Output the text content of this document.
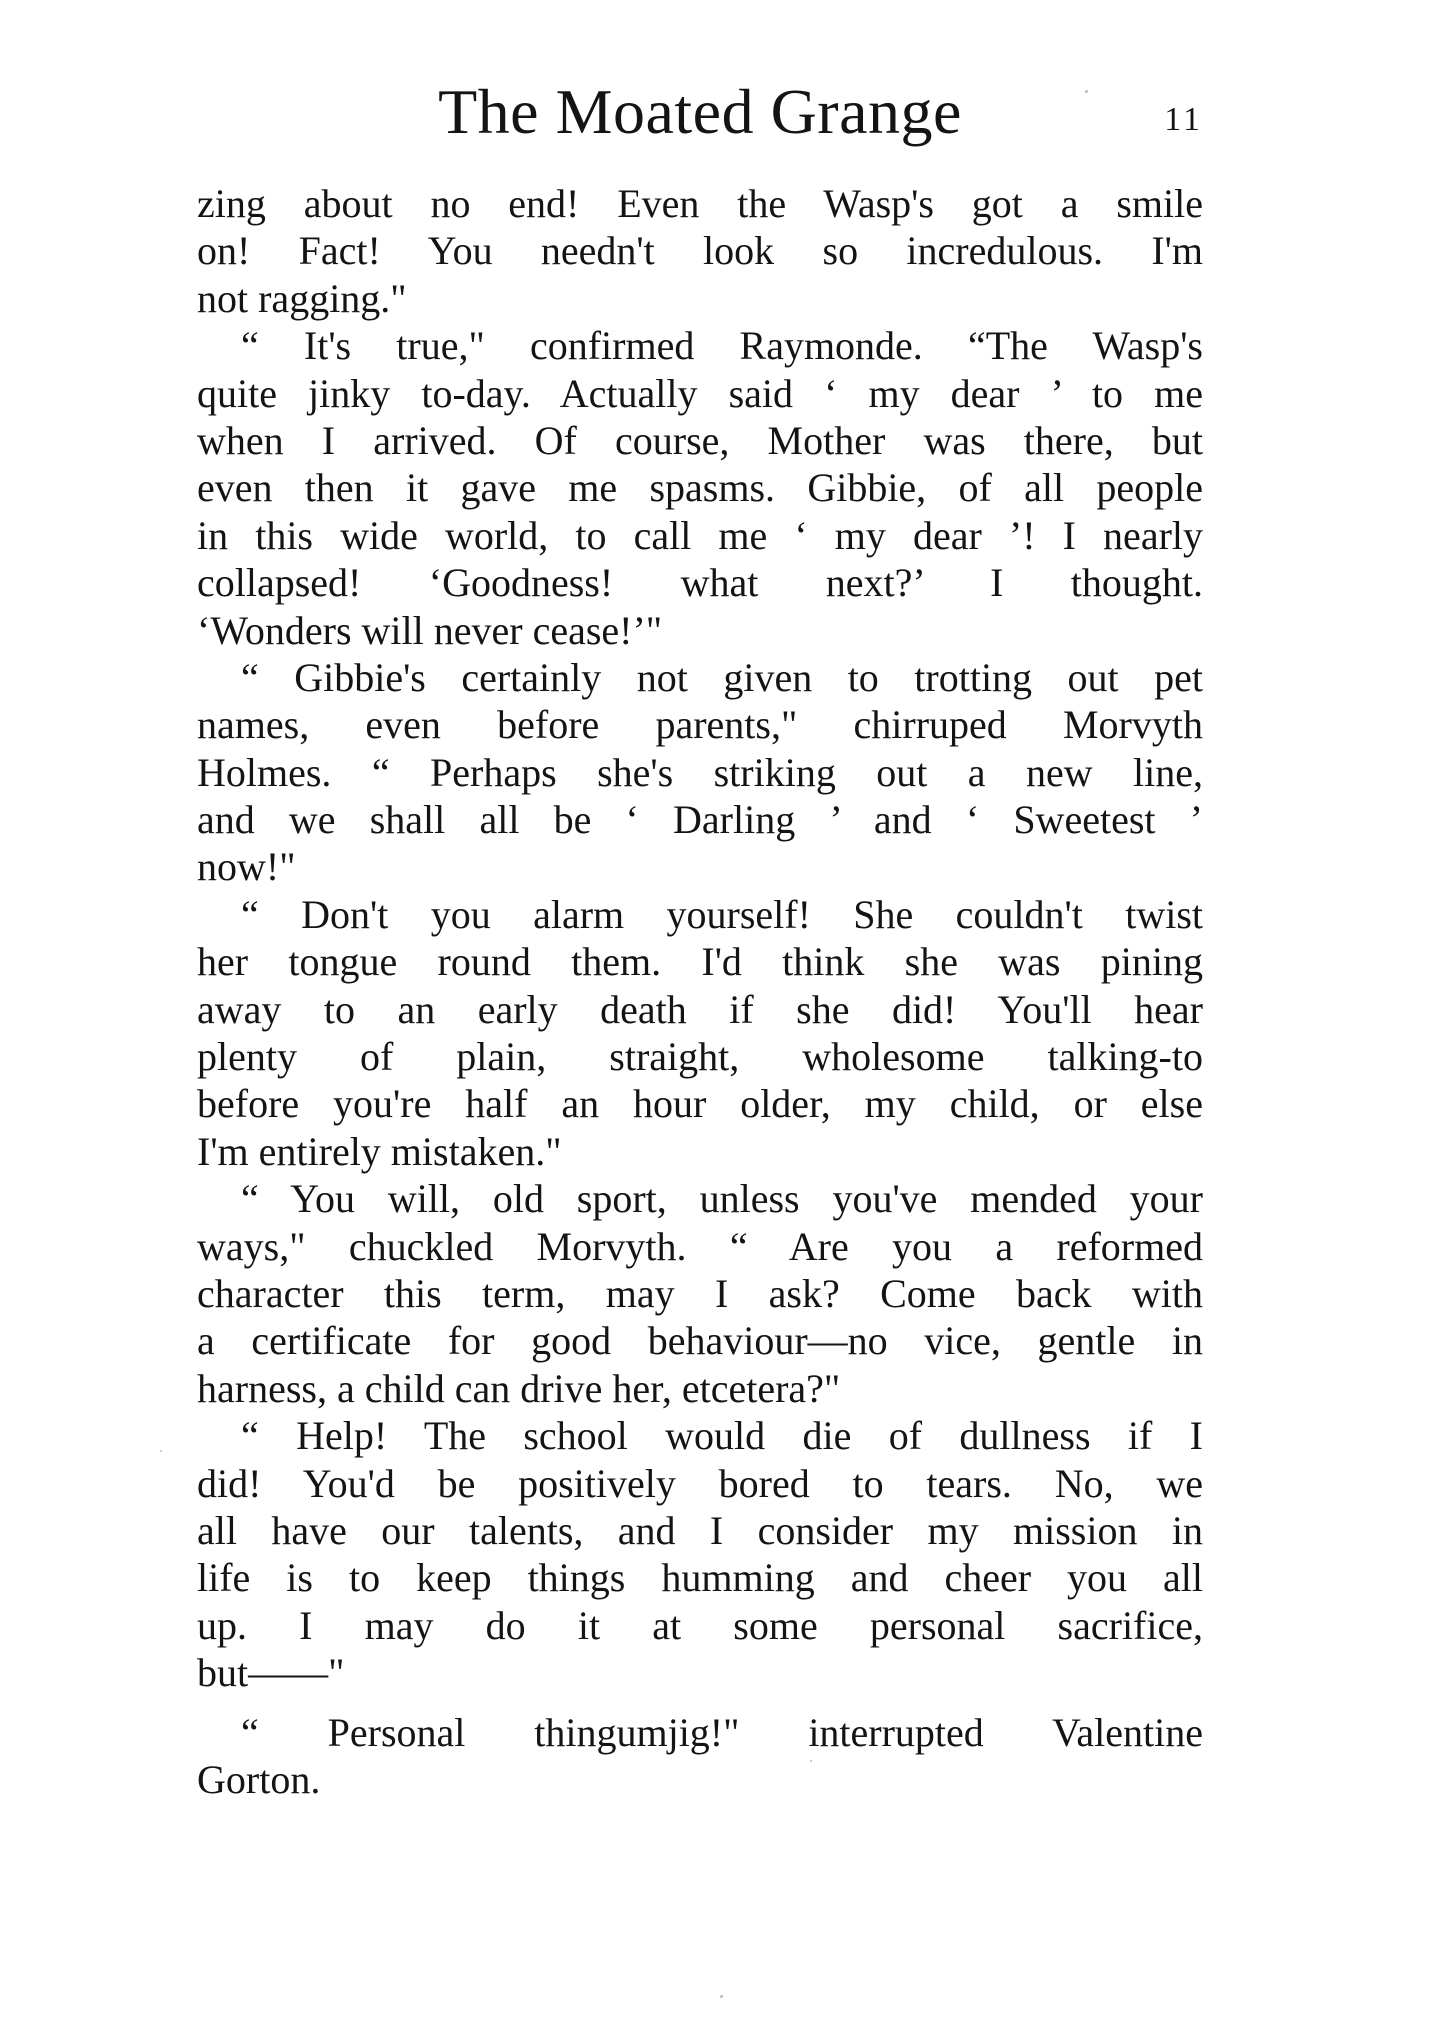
The Moated Grange	11
zing about no end! Even the Wasp's got a smile
on! Fact! You needn't look so incredulous. I'm
not ragging."
“ It's true," confirmed Raymonde. “The Wasp's
quite jinky to-day. Actually said ‘ my dear ’ to me
when I arrived. Of course, Mother was there, but
even then it gave me spasms. Gibbie, of all people
in this wide world, to call me ‘ my dear ’! I nearly
collapsed! ‘Goodness! what next?’ I thought.
‘Wonders will never cease!’"
“ Gibbie's certainly not given to trotting out pet
names, even before parents," chirruped Morvyth
Holmes. “ Perhaps she's striking out a new line,
and we shall all be ‘ Darling ’ and ‘ Sweetest ’
now!"
“ Don't you alarm yourself! She couldn't twist
her tongue round them. I'd think she was pining
away to an early death if she did! You'll hear
plenty of plain, straight, wholesome talking-to
before you're half an hour older, my child, or else
I'm entirely mistaken."
“ You will, old sport, unless you've mended your
ways," chuckled Morvyth. “ Are you a reformed
character this term, may I ask? Come back with
a certificate for good behaviour—no vice, gentle in
harness, a child can drive her, etcetera?"
“ Help! The school would die of dullness if I
did! You'd be positively bored to tears. No, we
all have our talents, and I consider my mission in
life is to keep things humming and cheer you all
up. I may do it at some personal sacrifice,
but——"
“ Personal thingumjig!" interrupted Valentine
Gorton.
